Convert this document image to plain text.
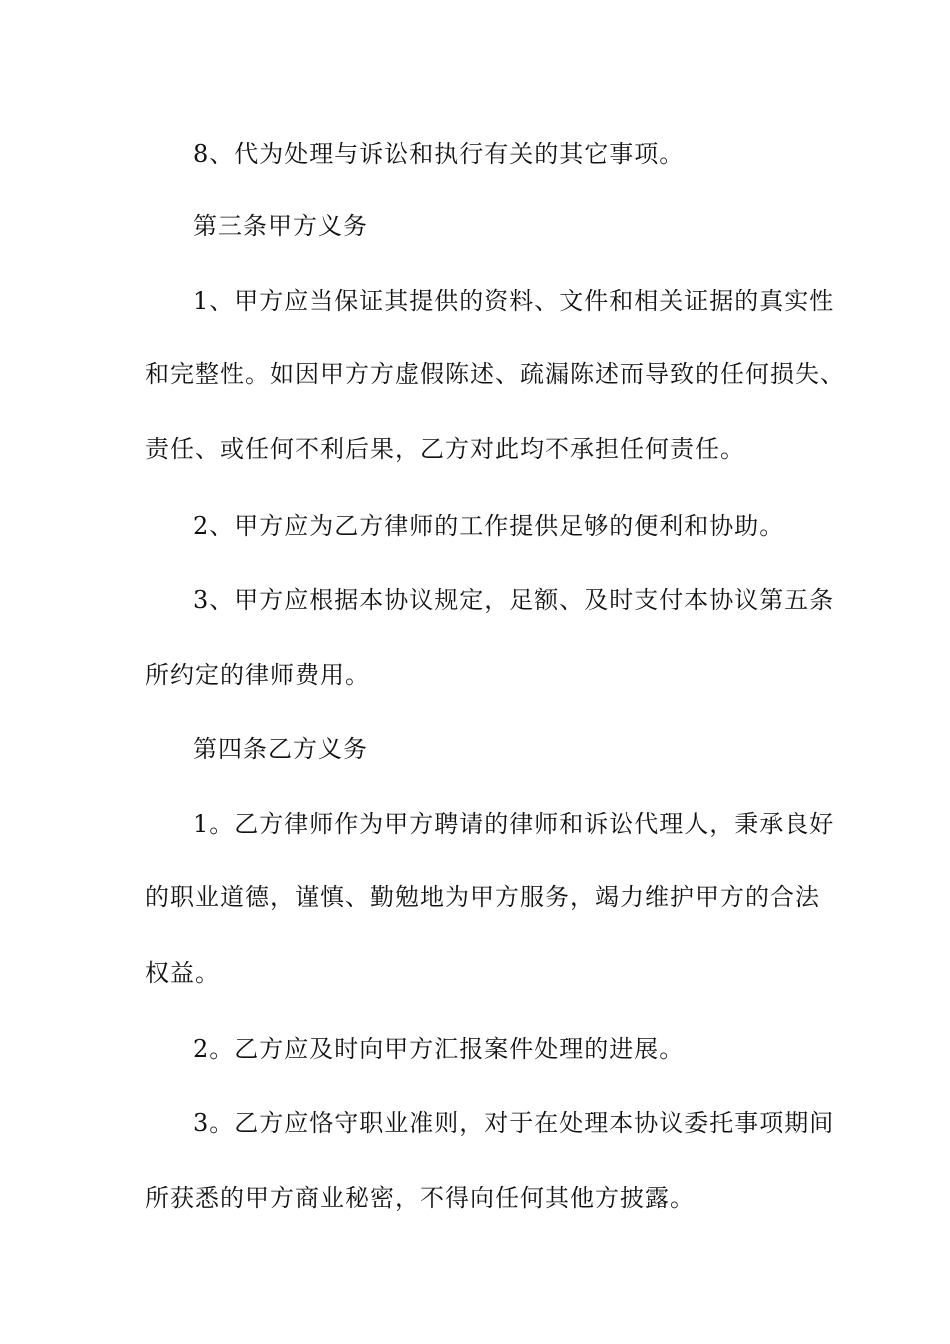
8、代为处理与诉讼和执行有关的其它事项。
第三条甲方义务
1、甲方应当保证其提供的资料、文件和相关证据的真实性
和完整性。如因甲方方虚假陈述、疏漏陈述而导致的任何损失、
责任、或任何不利后果，乙方对此均不承担任何责任。
2、甲方应为乙方律师的工作提供足够的便利和协助。
3、甲方应根据本协议规定，足额、及时支付本协议第五条
所约定的律师费用。
第四条乙方义务
1。乙方律师作为甲方聘请的律师和诉讼代理人，秉承良好
的职业道德，谨慎、勤勉地为甲方服务，竭力维护甲方的合法
权益。
2。乙方应及时向甲方汇报案件处理的进展。
3。乙方应恪守职业准则，对于在处理本协议委托事项期间
所获悉的甲方商业秘密，不得向任何其他方披露。
